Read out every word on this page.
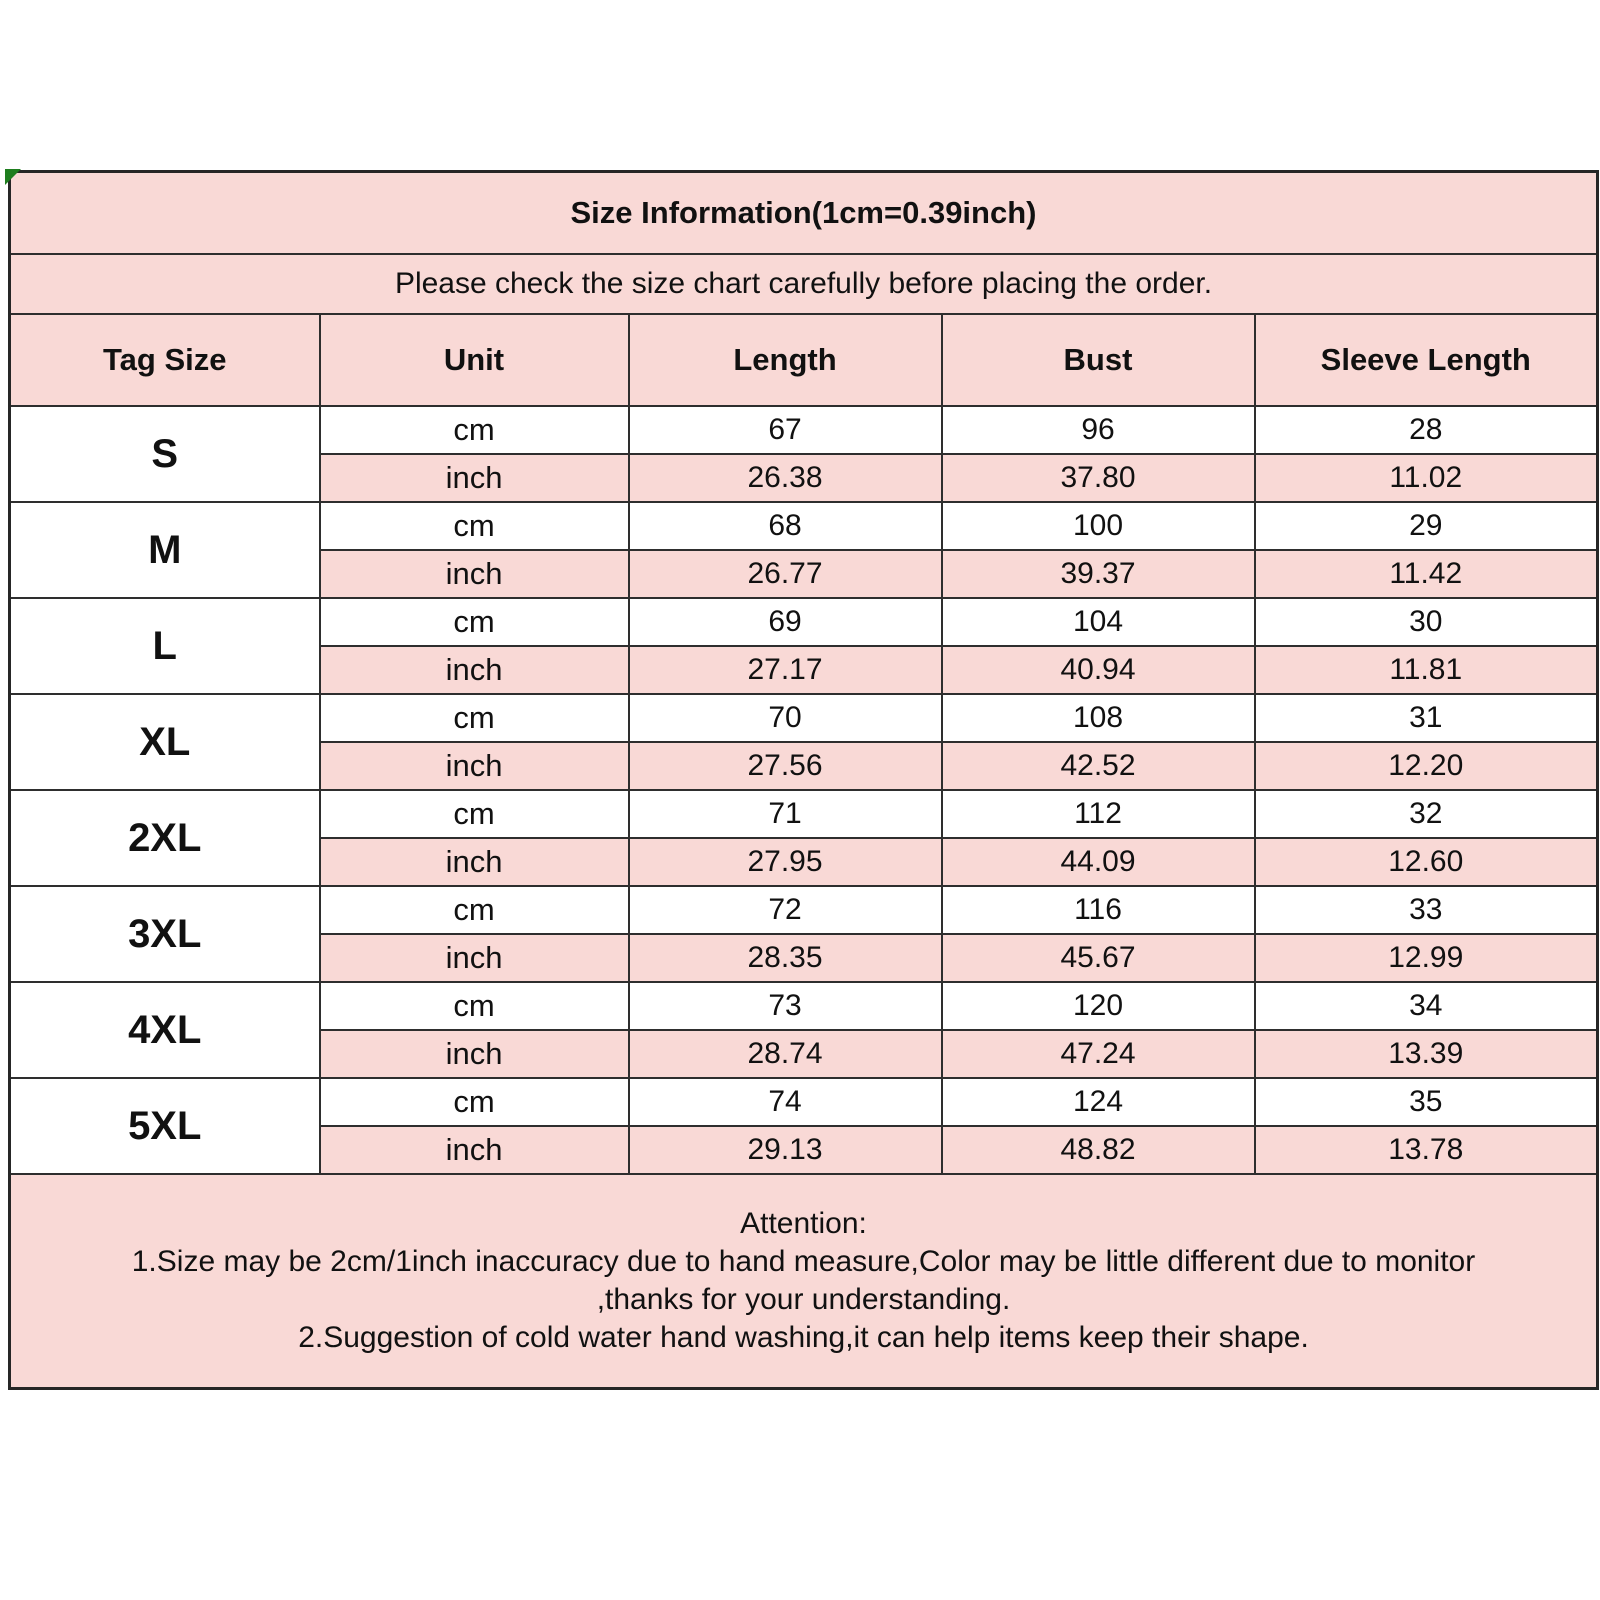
Size Information(1cm=0.39inch)				
Please check the size chart carefully before placing the order.				
Tag Size	Unit	Length	Bust	Sleeve Length
S	cm	67	96	28
	inch	26.38	37.80	11.02
M	cm	68	100	29
	inch	26.77	39.37	11.42
L	cm	69	104	30
	inch	27.17	40.94	11.81
XL	cm	70	108	31
	inch	27.56	42.52	12.20
2XL	cm	71	112	32
	inch	27.95	44.09	12.60
3XL	cm	72	116	33
	inch	28.35	45.67	12.99
4XL	cm	73	120	34
	inch	28.74	47.24	13.39
5XL	cm	74	124	35
	inch	29.13	48.82	13.78

Attention:
1.Size may be 2cm/1inch inaccuracy due to hand measure,Color may be little different due to monitor
,thanks for your understanding.
2.Suggestion of cold water hand washing,it can help items keep their shape.				
